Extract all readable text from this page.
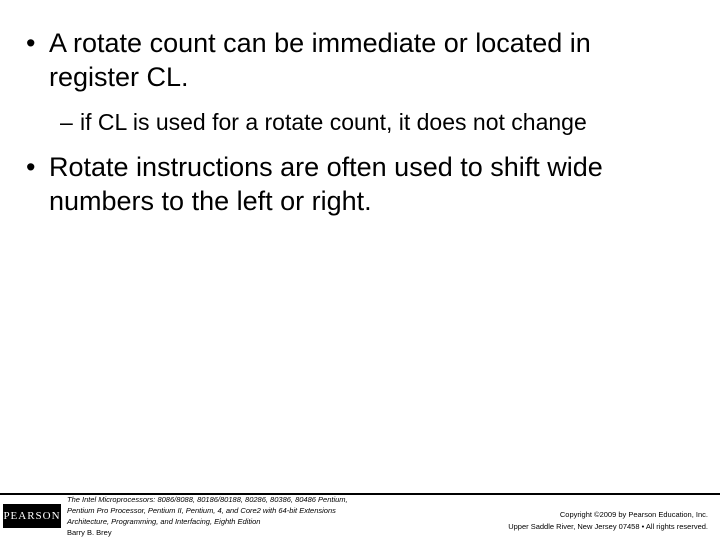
• A rotate count can be immediate or located in
register CL.
– if CL is used for a rotate count, it does not change
• Rotate instructions are often used to shift wide
numbers to the left or right.
PEARSON
The Intel Microprocessors: 8086/8088, 80186/80188, 80286, 80386, 80486 Pentium,
Pentium Pro Processor, Pentium II, Pentium, 4, and Core2 with 64-bit Extensions
Architecture, Programming, and Interfacing, Eighth Edition
Barry B. Brey
Copyright ©2009 by Pearson Education, Inc.
Upper Saddle River, New Jersey 07458 • All rights reserved.
